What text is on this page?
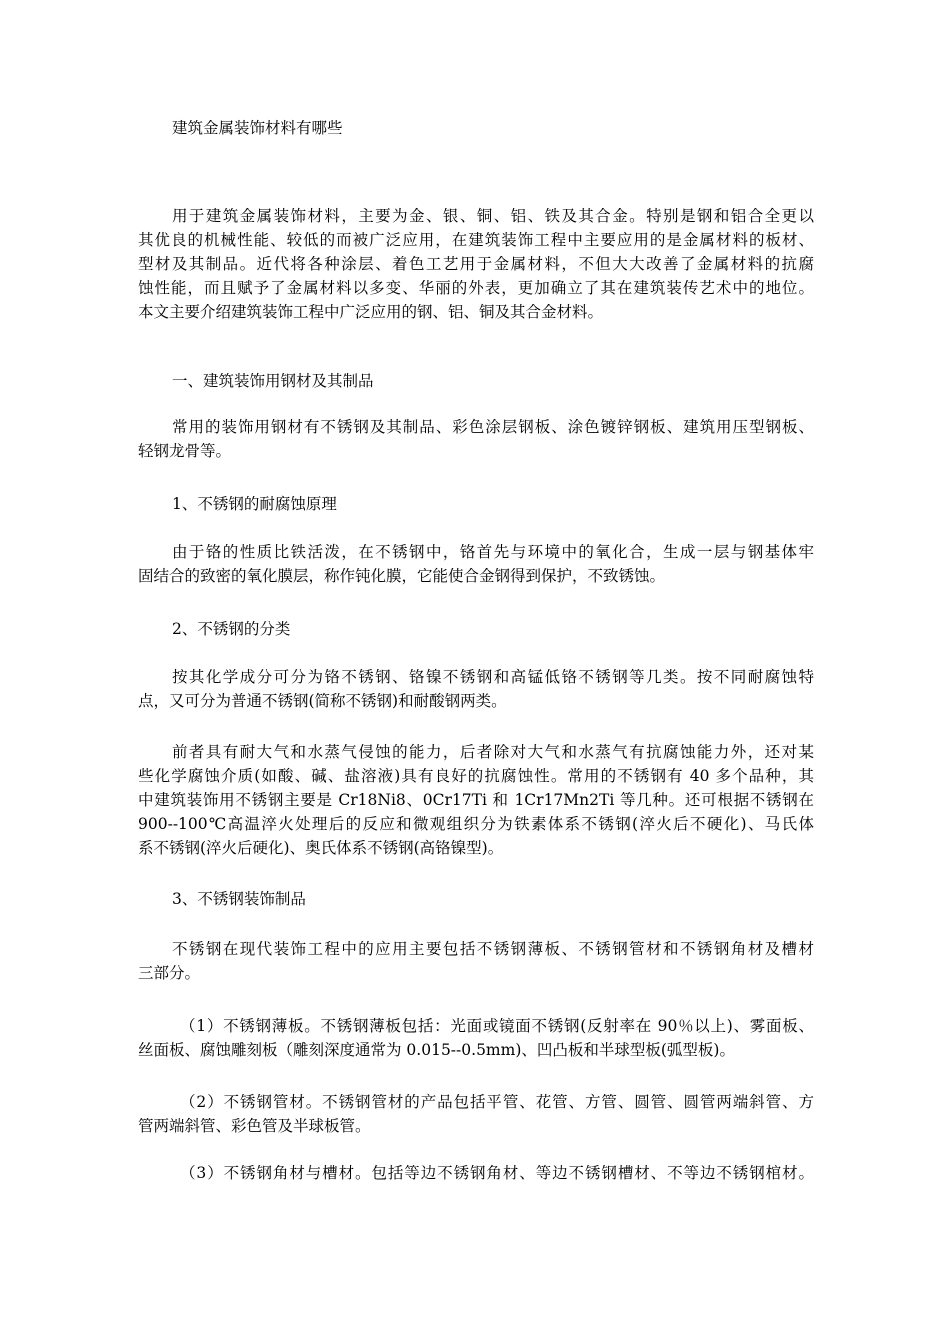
建筑金属装饰材料有哪些
用于建筑金属装饰材料，主要为金、银、铜、铝、铁及其合金。特别是钢和铝合全更以
其优良的机械性能、较低的而被广泛应用，在建筑装饰工程中主要应用的是金属材料的板材、
型材及其制品。近代将各种涂层、着色工艺用于金属材料，不但大大改善了金属材料的抗腐
蚀性能，而且赋予了金属材料以多变、华丽的外表，更加确立了其在建筑装传艺术中的地位。
本文主要介绍建筑装饰工程中广泛应用的钢、铝、铜及其合金材料。
一、建筑装饰用钢材及其制品
常用的装饰用钢材有不锈钢及其制品、彩色涂层钢板、涂色镀锌钢板、建筑用压型钢板、
轻钢龙骨等。
1、不锈钢的耐腐蚀原理
由于铬的性质比铁活泼，在不锈钢中，铬首先与环境中的氧化合，生成一层与钢基体牢
固结合的致密的氧化膜层，称作钝化膜，它能使合金钢得到保护，不致锈蚀。
2、不锈钢的分类
按其化学成分可分为铬不锈钢、铬镍不锈钢和高锰低铬不锈钢等几类。按不同耐腐蚀特
点，又可分为普通不锈钢(简称不锈钢)和耐酸钢两类。
前者具有耐大气和水蒸气侵蚀的能力，后者除对大气和水蒸气有抗腐蚀能力外，还对某
些化学腐蚀介质(如酸、碱、盐溶液)具有良好的抗腐蚀性。常用的不锈钢有 40 多个品种，其
中建筑装饰用不锈钢主要是 Cr18Ni8、0Cr17Ti 和 1Cr17Mn2Ti 等几种。还可根据不锈钢在
900--100℃高温淬火处理后的反应和微观组织分为铁素体系不锈钢(淬火后不硬化)、马氏体
系不锈钢(淬火后硬化)、奥氏体系不锈钢(高铬镍型)。
3、不锈钢装饰制品
不锈钢在现代装饰工程中的应用主要包括不锈钢薄板、不锈钢管材和不锈钢角材及槽材
三部分。
（1）不锈钢薄板。不锈钢薄板包括：光面或镜面不锈钢(反射率在 90％以上)、雾面板、
丝面板、腐蚀雕刻板（雕刻深度通常为 0.015--0.5mm)、凹凸板和半球型板(弧型板)。
（2）不锈钢管材。不锈钢管材的产品包括平管、花管、方管、圆管、圆管两端斜管、方
管两端斜管、彩色管及半球板管。
（3）不锈钢角材与槽材。包括等边不锈钢角材、等边不锈钢槽材、不等边不锈钢棺材。
